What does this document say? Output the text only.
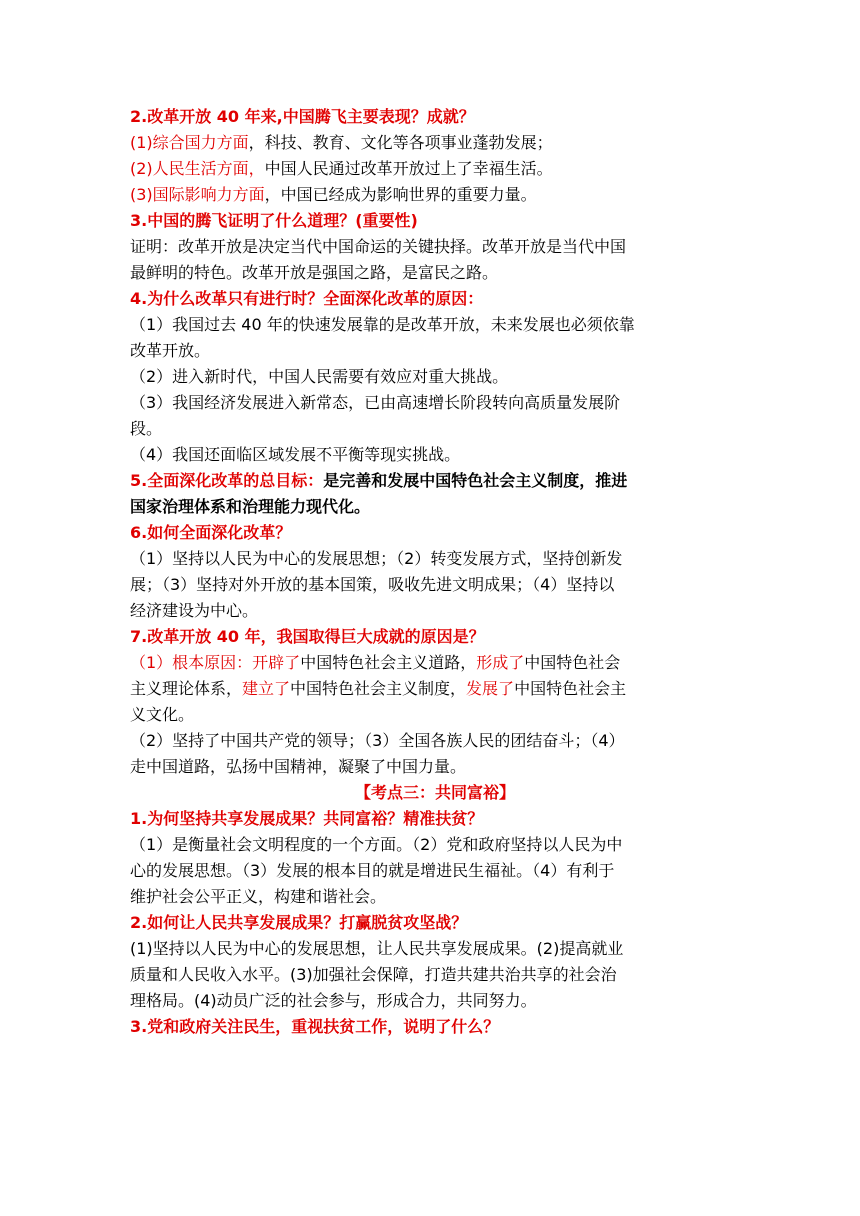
2.改革开放 40 年来,中国腾飞主要表现？成就？
(1)综合国力方面，科技、教育、文化等各项事业蓬勃发展；
(2)人民生活方面，中国人民通过改革开放过上了幸福生活。
(3)国际影响力方面，中国已经成为影响世界的重要力量。
3.中国的腾飞证明了什么道理？(重要性)
证明：改革开放是决定当代中国命运的关键抉择。改革开放是当代中国
最鲜明的特色。改革开放是强国之路，是富民之路。
4.为什么改革只有进行时？全面深化改革的原因：
（1）我国过去 40 年的快速发展靠的是改革开放，未来发展也必须依靠
改革开放。
（2）进入新时代，中国人民需要有效应对重大挑战。
（3）我国经济发展进入新常态，已由高速增长阶段转向高质量发展阶
段。
（4）我国还面临区域发展不平衡等现实挑战。
5.全面深化改革的总目标：是完善和发展中国特色社会主义制度，推进
国家治理体系和治理能力现代化。
6.如何全面深化改革？
（1）坚持以人民为中心的发展思想；（2）转变发展方式，坚持创新发
展；（3）坚持对外开放的基本国策，吸收先进文明成果；（4）坚持以
经济建设为中心。
7.改革开放 40 年，我国取得巨大成就的原因是？
（1）根本原因：开辟了中国特色社会主义道路，形成了中国特色社会
主义理论体系，建立了中国特色社会主义制度，发展了中国特色社会主
义文化。
（2）坚持了中国共产党的领导；（3）全国各族人民的团结奋斗；（4）
走中国道路，弘扬中国精神，凝聚了中国力量。
【考点三：共同富裕】
1.为何坚持共享发展成果？共同富裕？精准扶贫？
（1）是衡量社会文明程度的一个方面。（2）党和政府坚持以人民为中
心的发展思想。（3）发展的根本目的就是增进民生福祉。（4）有利于
维护社会公平正义，构建和谐社会。
2.如何让人民共享发展成果？打赢脱贫攻坚战？
(1)坚持以人民为中心的发展思想，让人民共享发展成果。(2)提高就业
质量和人民收入水平。(3)加强社会保障，打造共建共治共享的社会治
理格局。(4)动员广泛的社会参与，形成合力，共同努力。
3.党和政府关注民生，重视扶贫工作，说明了什么？
